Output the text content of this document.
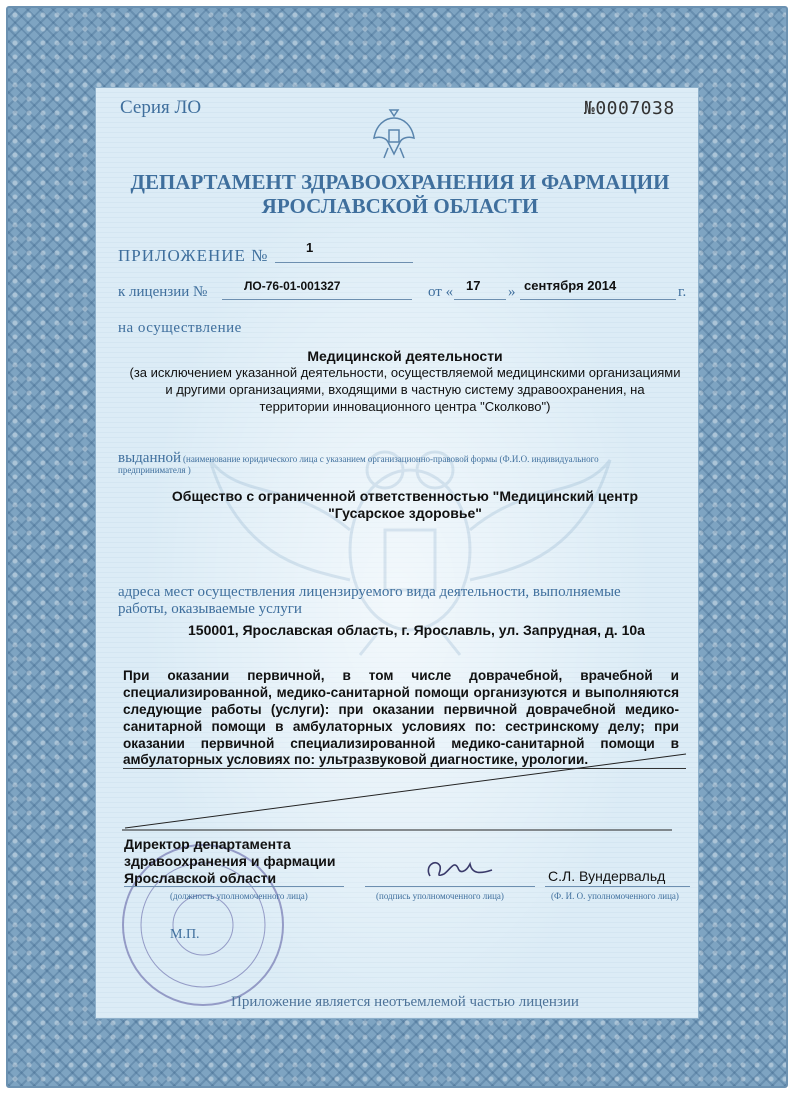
Серия ЛО	№0007038
ДЕПАРТАМЕНТ ЗДРАВООХРАНЕНИЯ И ФАРМАЦИИ
ЯРОСЛАВСКОЙ ОБЛАСТИ
ПРИЛОЖЕНИЕ №	1
к лицензии №	ЛО-76-01-001327	от « 17 » сентября 2014	г.
на осуществление
Медицинской деятельности
(за исключением указанной деятельности, осуществляемой медицинскими организациями
и другими организациями, входящими в частную систему здравоохранения, на
территории инновационного центра "Сколково")
выданной (наименование юридического лица с указанием организационно-правовой формы (Ф.И.О. индивидуального
предпринимателя )
Общество с ограниченной ответственностью "Медицинский центр
"Гусарское здоровье"
адреса мест осуществления лицензируемого вида деятельности, выполняемые
работы, оказываемые услуги
150001, Ярославская область, г. Ярославль, ул. Запрудная, д. 10а
При оказании первичной, в том числе доврачебной, врачебной и
специализированной, медико-санитарной помощи организуются и выполняются
следующие работы (услуги): при оказании первичной доврачебной медико-
санитарной помощи в амбулаторных условиях по: сестринскому делу; при
оказании первичной специализированной медико-санитарной помощи в
амбулаторных условиях по: ультразвуковой диагностике, урологии.
Директор департамента
здравоохранения и фармации
Ярославской области	С.Л. Вундервальд
(должность уполномоченного лица)	(подпись уполномоченного лица)	(Ф. И. О. уполномоченного лица)
М.П.
Приложение является неотъемлемой частью лицензии
